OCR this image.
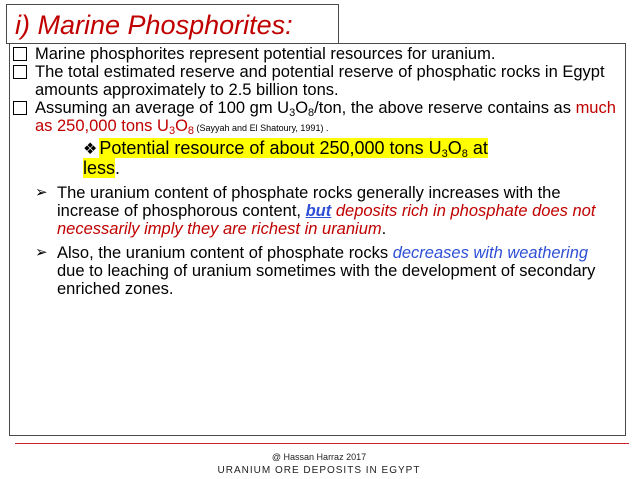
i) Marine Phosphorites:

Marine phosphorites represent potential resources for uranium.

The total estimated reserve and potential reserve of phosphatic rocks in Egypt amounts approximately to 2.5 billion tons.

Assuming an average of 100 gm $U_3O_8$/ton, the above reserve contains as much as 250,000 tons $U_3O_8$ (Sayyah and El Shatoury, 1991) .

❖ Potential resource of about 250,000 tons $U_3O_8$ at
less.

➢ The uranium content of phosphate rocks generally increases with the increase of phosphorous content, but deposits rich in phosphate does not necessarily imply they are richest in uranium.

➢ Also, the uranium content of phosphate rocks decreases with weathering due to leaching of uranium sometimes with the development of secondary enriched zones.

@ Hassan Harraz 2017
URANIUM ORE DEPOSITS IN EGYPT
